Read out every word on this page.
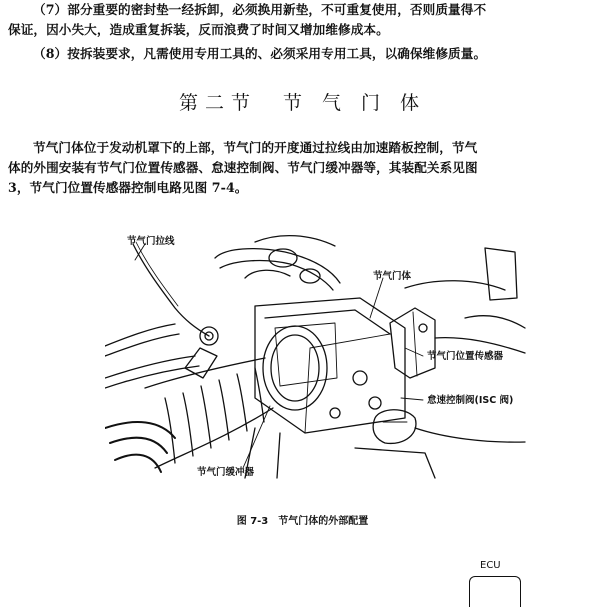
（7）部分重要的密封垫一经拆卸，必须换用新垫，不可重复使用，否则质量得不
保证，因小失大，造成重复拆装，反而浪费了时间又增加维修成本。
（8）按拆装要求，凡需使用专用工具的、必须采用专用工具，以确保维修质量。
第二节　节 气 门 体
节气门体位于发动机罩下的上部，节气门的开度通过拉线由加速踏板控制，节气
体的外围安装有节气门位置传感器、怠速控制阀、节气门缓冲器等，其装配关系见图
3，节气门位置传感器控制电路见图 7-4。
节气门拉线
节气门体
节气门位置传感器
怠速控制阀(ISC 阀)
节气门缓冲器
图 7-3　节气门体的外部配置
ECU
